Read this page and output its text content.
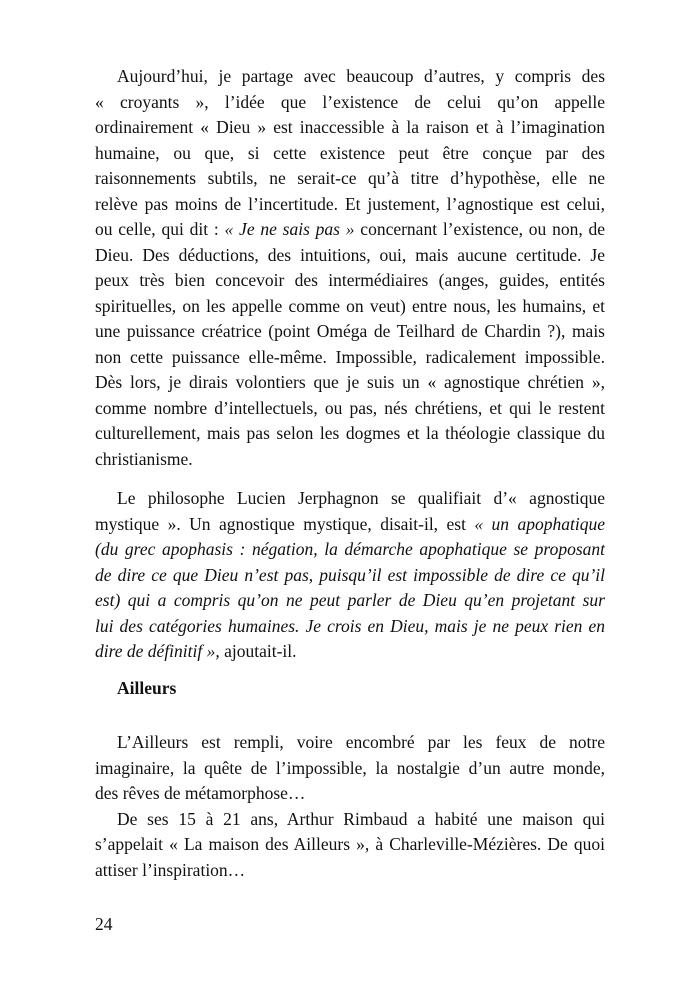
Aujourd’hui, je partage avec beaucoup d’autres, y compris des
« croyants », l’idée que l’existence de celui qu’on appelle
ordinairement « Dieu » est inaccessible à la raison et à l’imagination
humaine, ou que, si cette existence peut être conçue par des
raisonnements subtils, ne serait-ce qu’à titre d’hypothèse, elle ne
relève pas moins de l’incertitude. Et justement, l’agnostique est celui,
ou celle, qui dit : « Je ne sais pas » concernant l’existence, ou non, de
Dieu. Des déductions, des intuitions, oui, mais aucune certitude. Je
peux très bien concevoir des intermédiaires (anges, guides, entités
spirituelles, on les appelle comme on veut) entre nous, les humains, et
une puissance créatrice (point Oméga de Teilhard de Chardin ?), mais
non cette puissance elle-même. Impossible, radicalement impossible.
Dès lors, je dirais volontiers que je suis un « agnostique chrétien »,
comme nombre d’intellectuels, ou pas, nés chrétiens, et qui le restent
culturellement, mais pas selon les dogmes et la théologie classique du
christianisme.
Le philosophe Lucien Jerphagnon se qualifiait d’« agnostique
mystique ». Un agnostique mystique, disait-il, est « un apophatique
(du grec apophasis : négation, la démarche apophatique se proposant
de dire ce que Dieu n’est pas, puisqu’il est impossible de dire ce qu’il
est) qui a compris qu’on ne peut parler de Dieu qu’en projetant sur
lui des catégories humaines. Je crois en Dieu, mais je ne peux rien en
dire de définitif », ajoutait-il.
Ailleurs
L’Ailleurs est rempli, voire encombré par les feux de notre
imaginaire, la quête de l’impossible, la nostalgie d’un autre monde,
des rêves de métamorphose…
De ses 15 à 21 ans, Arthur Rimbaud a habité une maison qui
s’appelait « La maison des Ailleurs », à Charleville-Mézières. De quoi
attiser l’inspiration…
24
